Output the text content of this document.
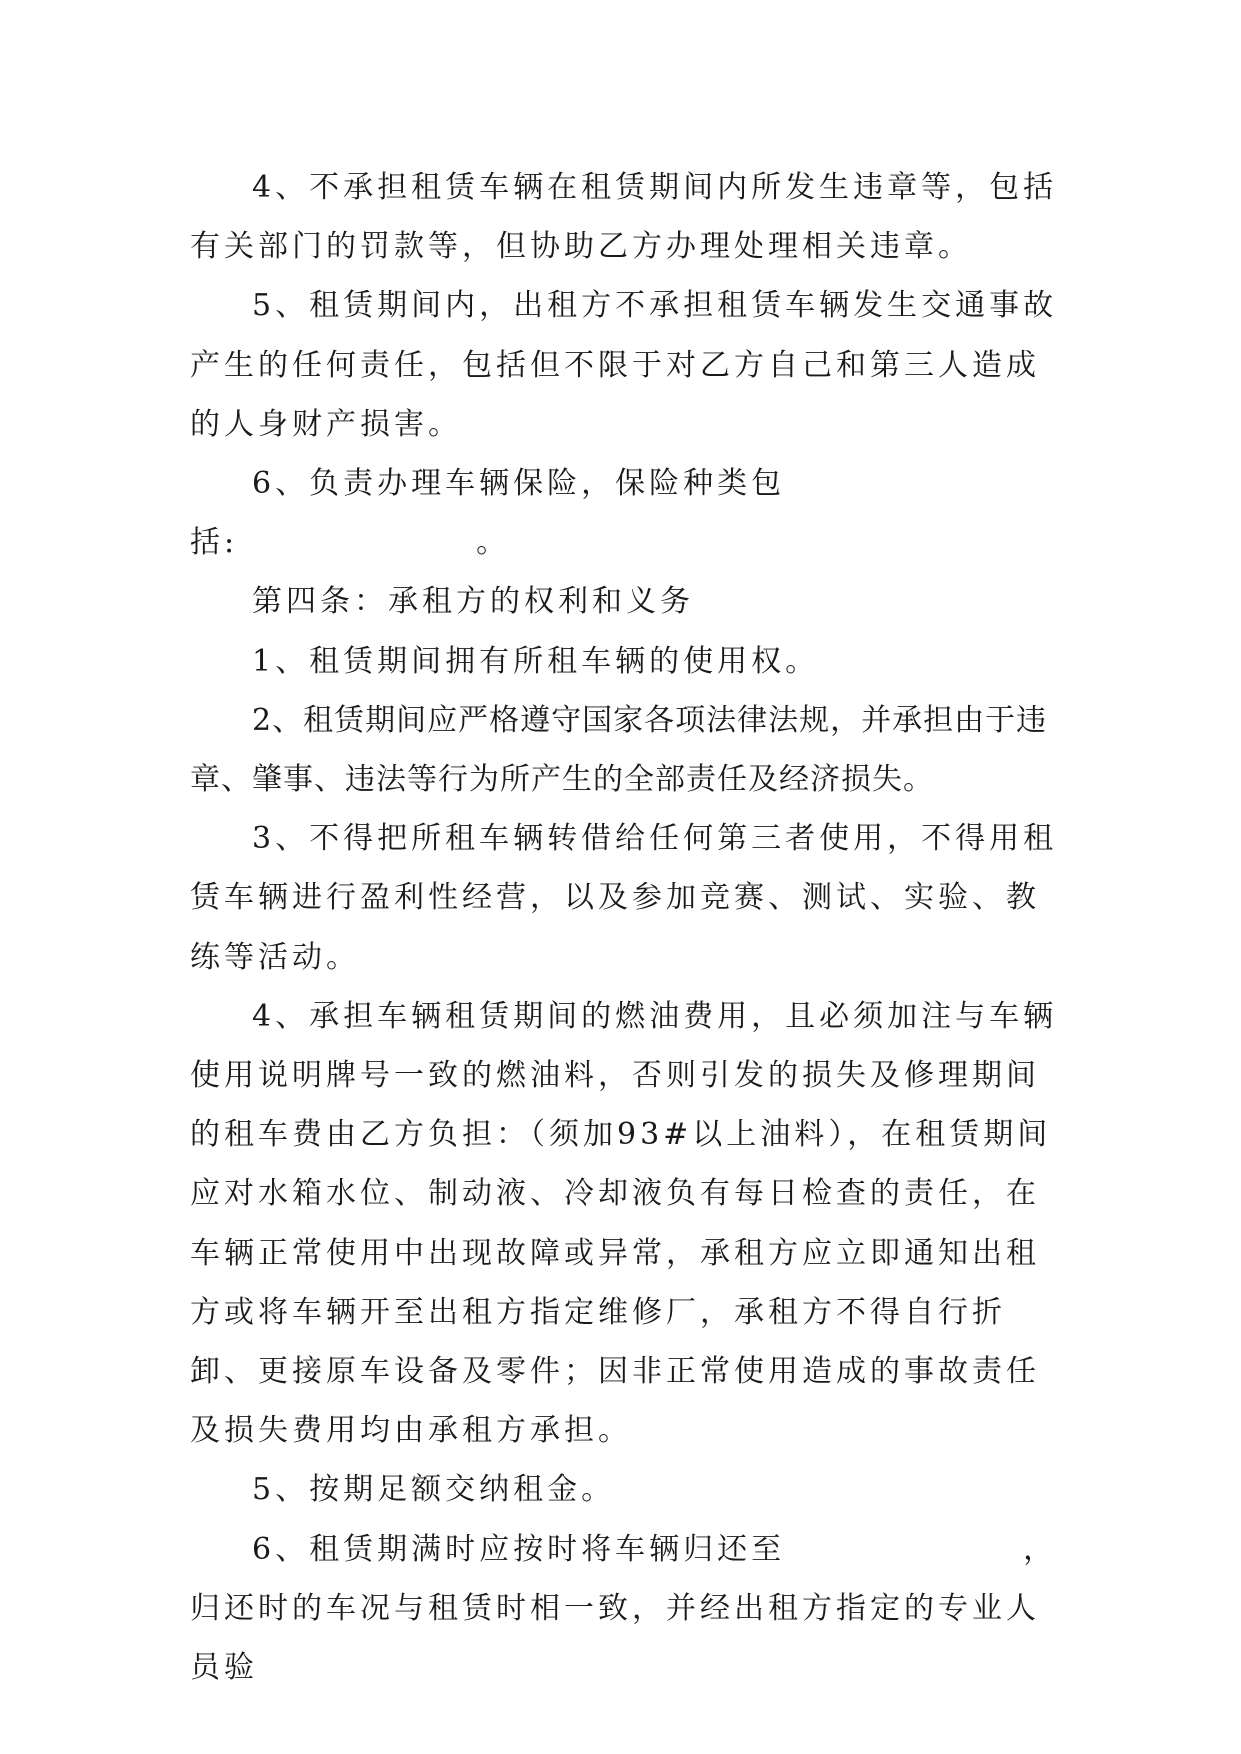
4、不承担租赁车辆在租赁期间内所发生违章等，包括有关部门的罚款等，但协助乙方办理处理相关违章。

5、租赁期间内，出租方不承担租赁车辆发生交通事故产生的任何责任，包括但不限于对乙方自己和第三人造成的人身财产损害。

6、负责办理车辆保险，保险种类包括:　　　　　　　。

第四条：承租方的权利和义务

1、租赁期间拥有所租车辆的使用权。

2、租赁期间应严格遵守国家各项法律法规，并承担由于违章、肇事、违法等行为所产生的全部责任及经济损失。

3、不得把所租车辆转借给任何第三者使用，不得用租赁车辆进行盈利性经营，以及参加竞赛、测试、实验、教练等活动。

4、承担车辆租赁期间的燃油费用，且必须加注与车辆使用说明牌号一致的燃油料，否则引发的损失及修理期间的租车费由乙方负担：（须加93#以上油料），在租赁期间应对水箱水位、制动液、冷却液负有每日检查的责任，在车辆正常使用中出现故障或异常，承租方应立即通知出租方或将车辆开至出租方指定维修厂，承租方不得自行折卸、更接原车设备及零件；因非正常使用造成的事故责任及损失费用均由承租方承担。

5、按期足额交纳租金。

6、租赁期满时应按时将车辆归还至　　　　　　　，归还时的车况与租赁时相一致，并经出租方指定的专业人员验
